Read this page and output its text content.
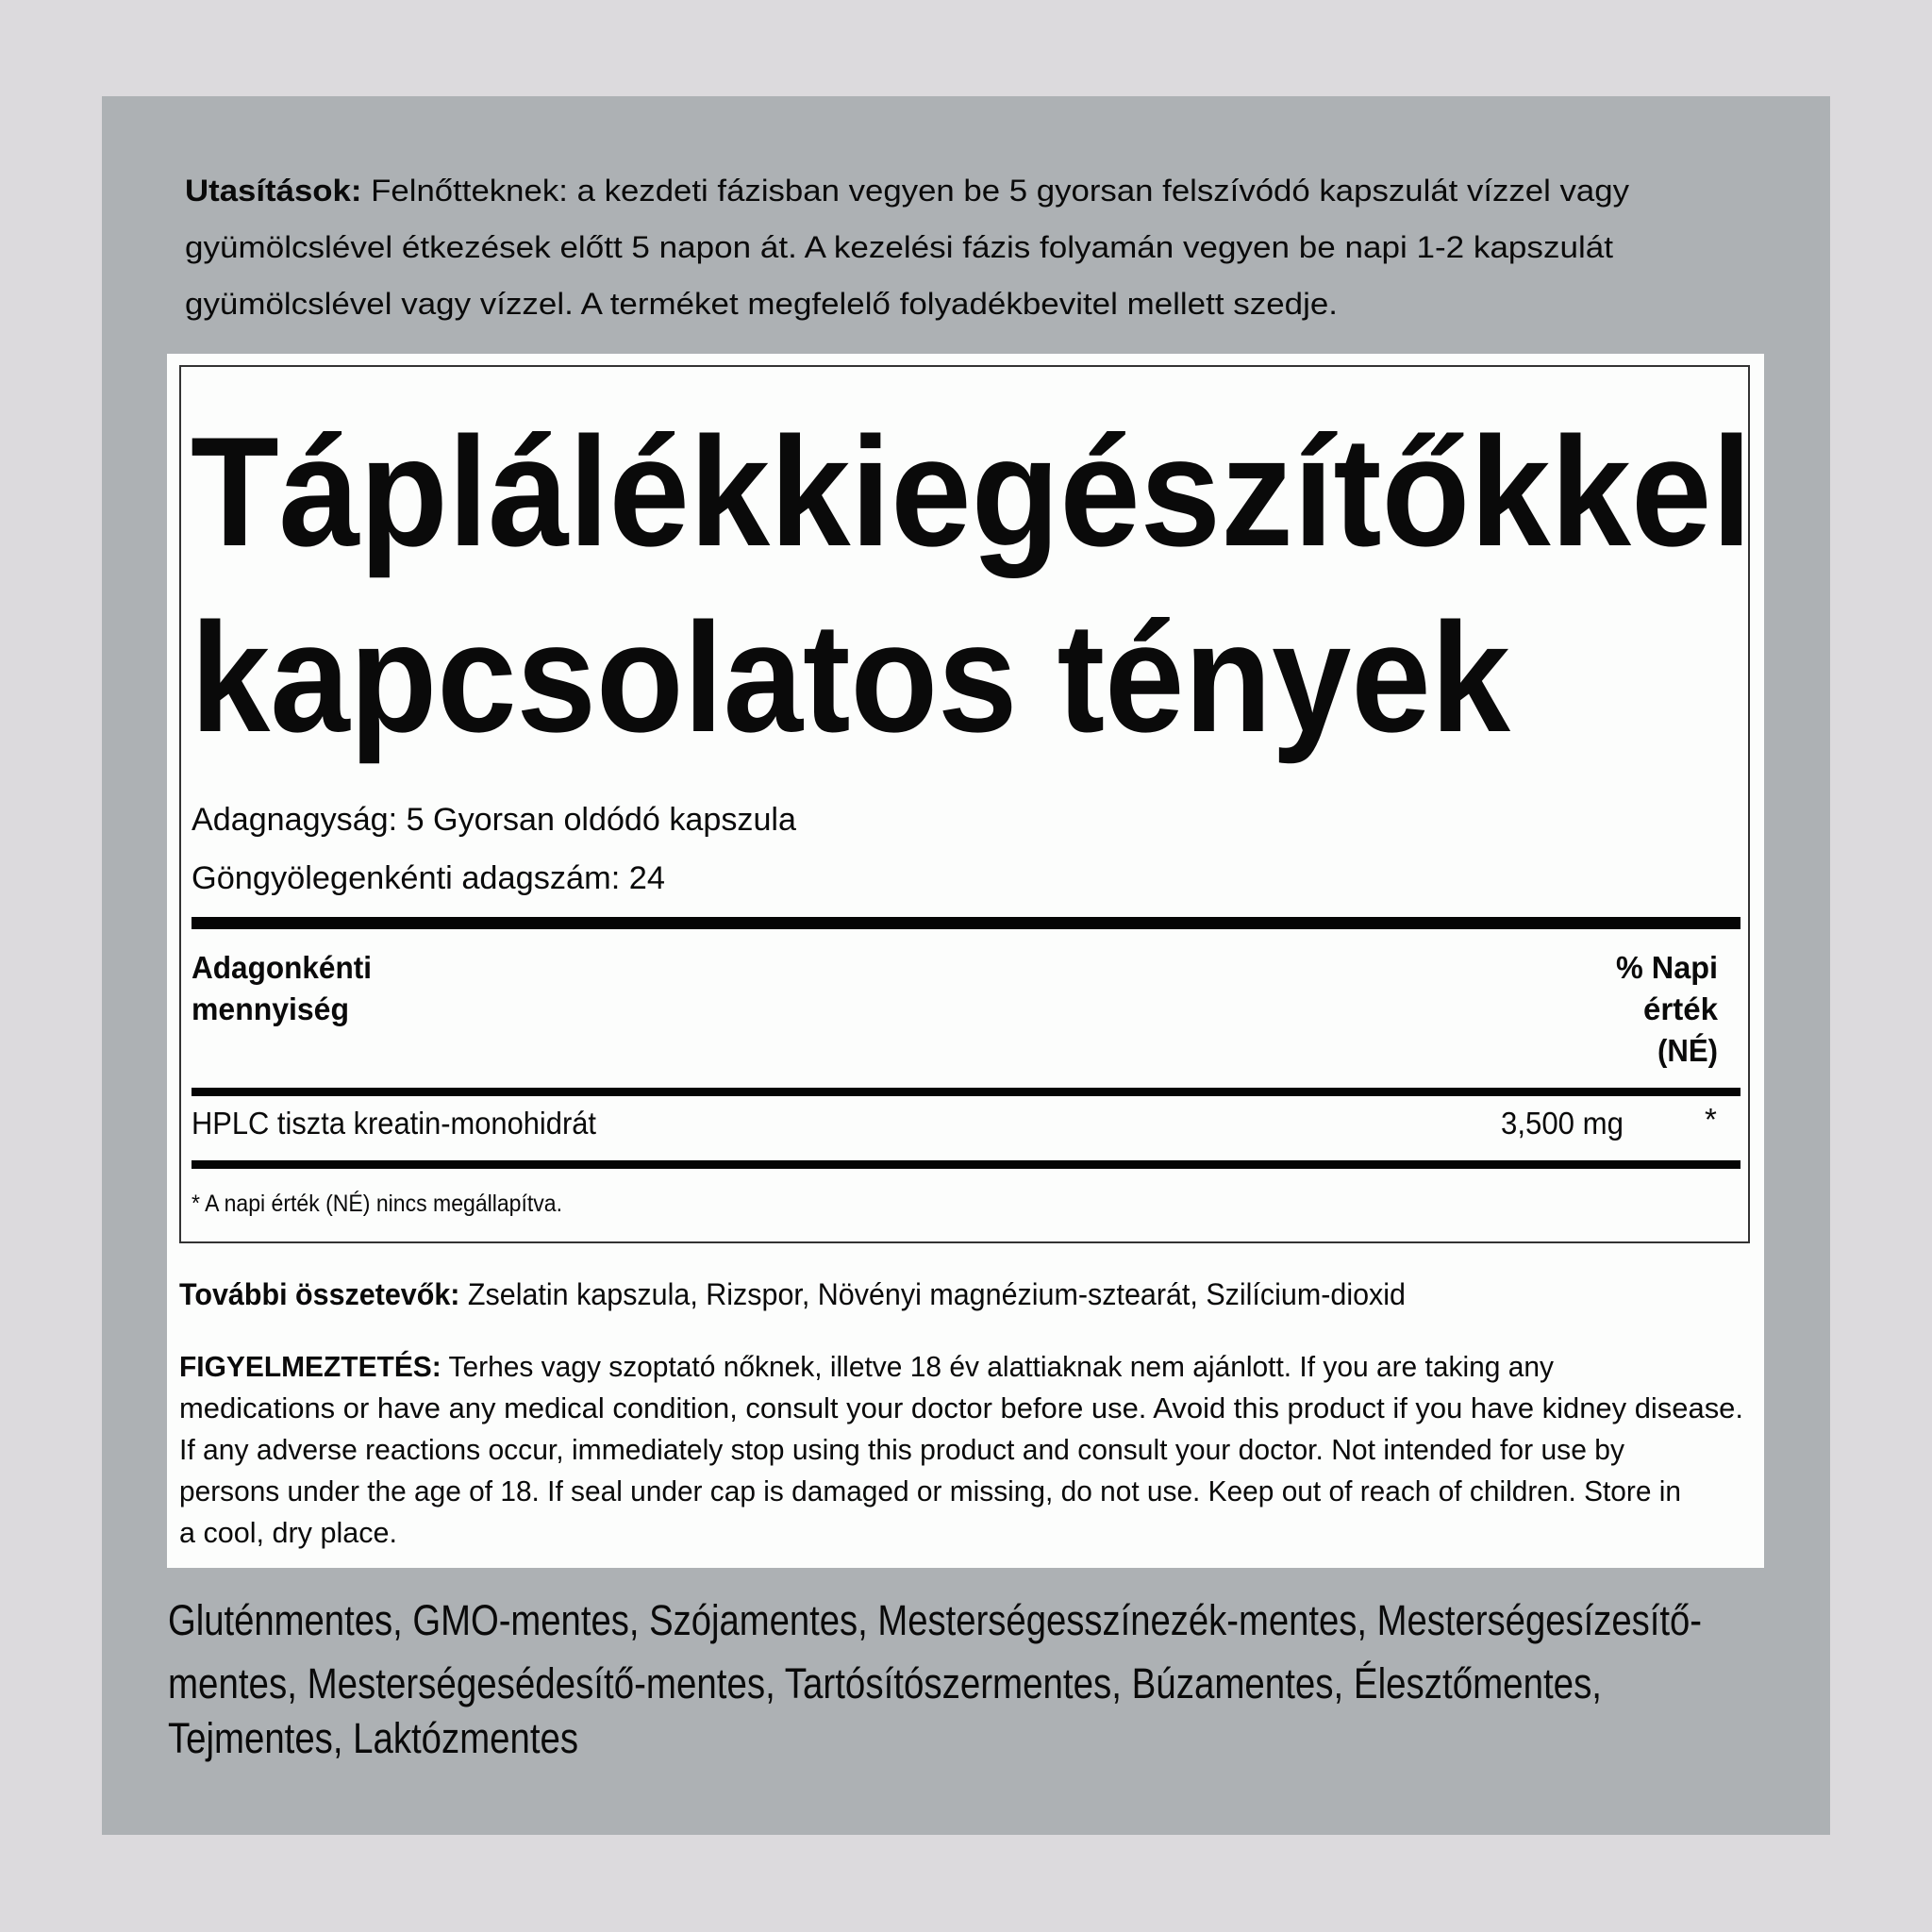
Utasítások: Felnőtteknek: a kezdeti fázisban vegyen be 5 gyorsan felszívódó kapszulát vízzel vagy
gyümölcslével étkezések előtt 5 napon át. A kezelési fázis folyamán vegyen be napi 1-2 kapszulát
gyümölcslével vagy vízzel. A terméket megfelelő folyadékbevitel mellett szedje.
Táplálékkiegészítőkkel
kapcsolatos tények
Adagnagyság: 5 Gyorsan oldódó kapszula
Göngyölegenkénti adagszám: 24
Adagonkénti
mennyiség
% Napi
érték
(NÉ)
HPLC tiszta kreatin-monohidrát	3,500 mg	*
* A napi érték (NÉ) nincs megállapítva.
További összetevők: Zselatin kapszula, Rizspor, Növényi magnézium-sztearát, Szilícium-dioxid
FIGYELMEZTETÉS: Terhes vagy szoptató nőknek, illetve 18 év alattiaknak nem ajánlott. If you are taking any
medications or have any medical condition, consult your doctor before use. Avoid this product if you have kidney disease.
If any adverse reactions occur, immediately stop using this product and consult your doctor. Not intended for use by
persons under the age of 18. If seal under cap is damaged or missing, do not use. Keep out of reach of children. Store in
a cool, dry place.
Gluténmentes, GMO-mentes, Szójamentes, Mesterségesszínezék-mentes, Mesterségesízesítő-
mentes, Mesterségesédesítő-mentes, Tartósítószermentes, Búzamentes, Élesztőmentes,
Tejmentes, Laktózmentes
